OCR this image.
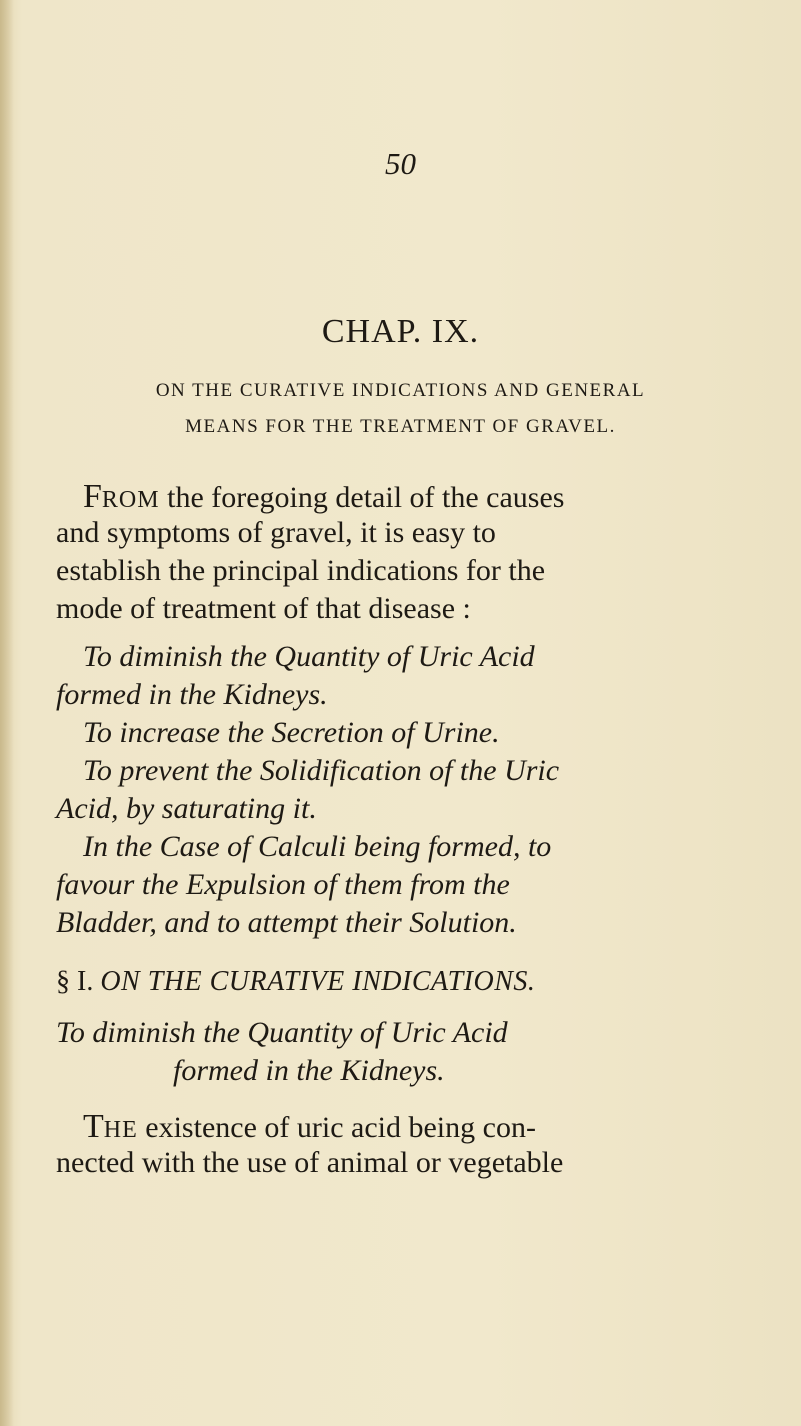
50
CHAP. IX.
ON THE CURATIVE INDICATIONS AND GENERAL
MEANS FOR THE TREATMENT OF GRAVEL.
FROM the foregoing detail of the causes
and symptoms of gravel, it is easy to
establish the principal indications for the
mode of treatment of that disease :
To diminish the Quantity of Uric Acid
formed in the Kidneys.
To increase the Secretion of Urine.
To prevent the Solidification of the Uric
Acid, by saturating it.
In the Case of Calculi being formed, to
favour the Expulsion of them from the
Bladder, and to attempt their Solution.
§ I. ON THE CURATIVE INDICATIONS.
To diminish the Quantity of Uric Acid
formed in the Kidneys.
THE existence of uric acid being con-
nected with the use of animal or vegetable
